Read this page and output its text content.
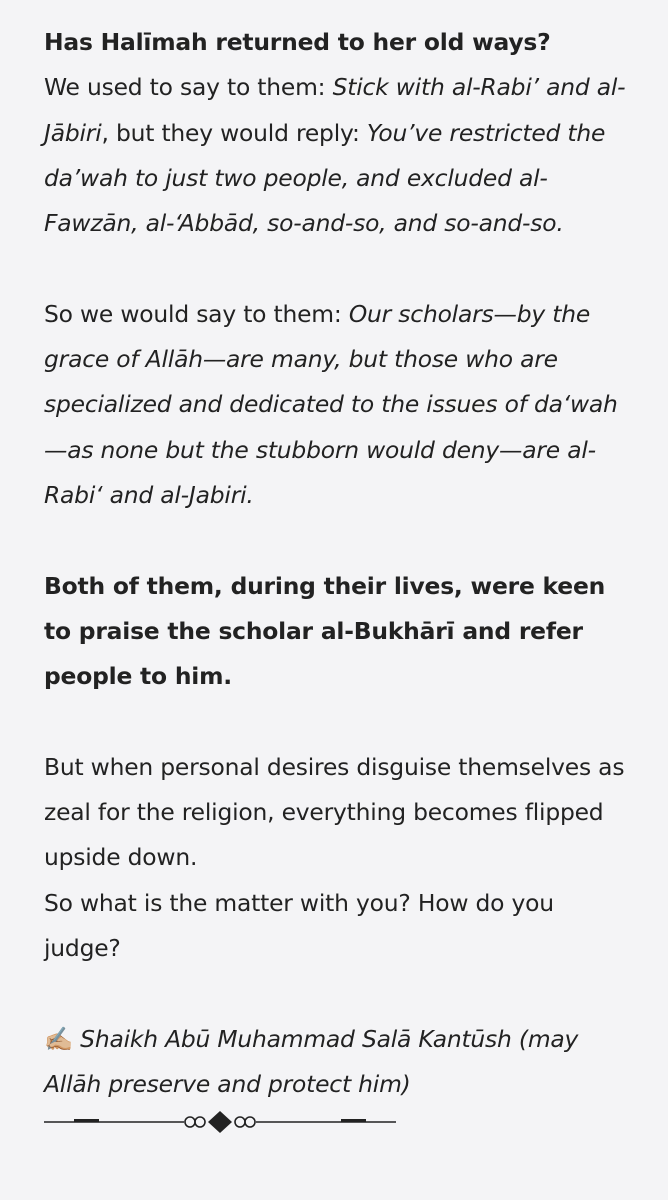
Has Halīmah returned to her old ways?
We used to say to them: Stick with al-Rabi’ and al-Jābiri, but they would reply: You’ve restricted the da’wah to just two people, and excluded al-Fawzān, al-‘Abbād, so-and-so, and so-and-so.

So we would say to them: Our scholars—by the grace of Allāh—are many, but those who are specialized and dedicated to the issues of da‘wah—as none but the stubborn would deny—are al-Rabi‘ and al-Jabiri.

Both of them, during their lives, were keen to praise the scholar al-Bukhārī and refer people to him.

But when personal desires disguise themselves as zeal for the religion, everything becomes flipped upside down.
So what is the matter with you? How do you judge?

✍🏼 Shaikh Abū Muhammad Salā Kantūsh (may Allāh preserve and protect him)
